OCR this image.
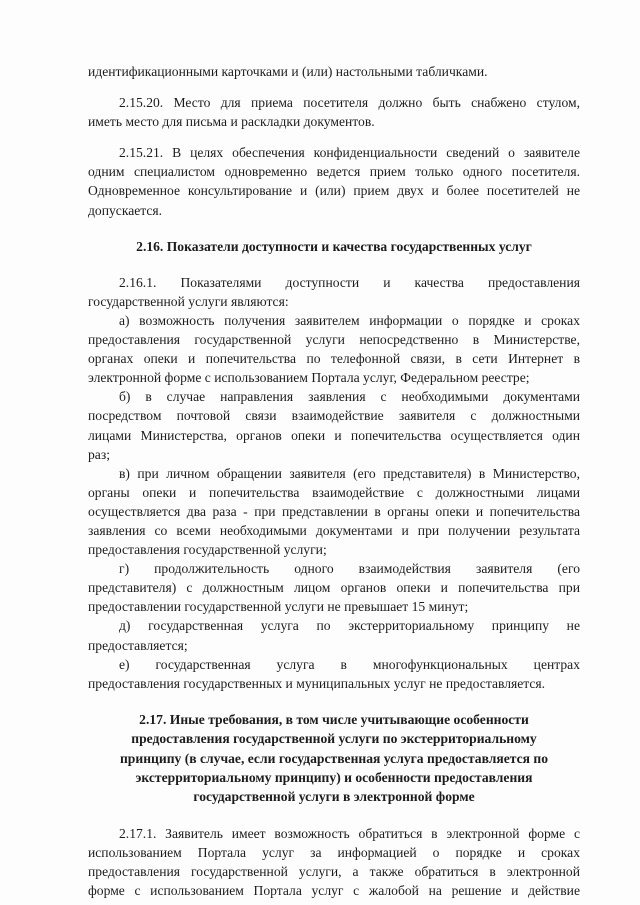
идентификационными карточками и (или) настольными табличками.
2.15.20. Место для приема посетителя должно быть снабжено стулом,
иметь место для письма и раскладки документов.
2.15.21. В целях обеспечения конфиденциальности сведений о заявителе
одним специалистом одновременно ведется прием только одного посетителя.
Одновременное консультирование и (или) прием двух и более посетителей не
допускается.
2.16. Показатели доступности и качества государственных услуг
2.16.1. Показателями доступности и качества предоставления
государственной услуги являются:
а) возможность получения заявителем информации о порядке и сроках
предоставления государственной услуги непосредственно в Министерстве,
органах опеки и попечительства по телефонной связи, в сети Интернет в
электронной форме с использованием Портала услуг, Федеральном реестре;
б) в случае направления заявления с необходимыми документами
посредством почтовой связи взаимодействие заявителя с должностными
лицами Министерства, органов опеки и попечительства осуществляется один
раз;
в) при личном обращении заявителя (его представителя) в Министерство,
органы опеки и попечительства взаимодействие с должностными лицами
осуществляется два раза - при представлении в органы опеки и попечительства
заявления со всеми необходимыми документами и при получении результата
предоставления государственной услуги;
г) продолжительность одного взаимодействия заявителя (его
представителя) с должностным лицом органов опеки и попечительства при
предоставлении государственной услуги не превышает 15 минут;
д) государственная услуга по экстерриториальному принципу не
предоставляется;
е) государственная услуга в многофункциональных центрах
предоставления государственных и муниципальных услуг не предоставляется.
2.17. Иные требования, в том числе учитывающие особенности
предоставления государственной услуги по экстерриториальному
принципу (в случае, если государственная услуга предоставляется по
экстерриториальному принципу) и особенности предоставления
государственной услуги в электронной форме
2.17.1. Заявитель имеет возможность обратиться в электронной форме с
использованием Портала услуг за информацией о порядке и сроках
предоставления государственной услуги, а также обратиться в электронной
форме с использованием Портала услуг с жалобой на решение и действие
